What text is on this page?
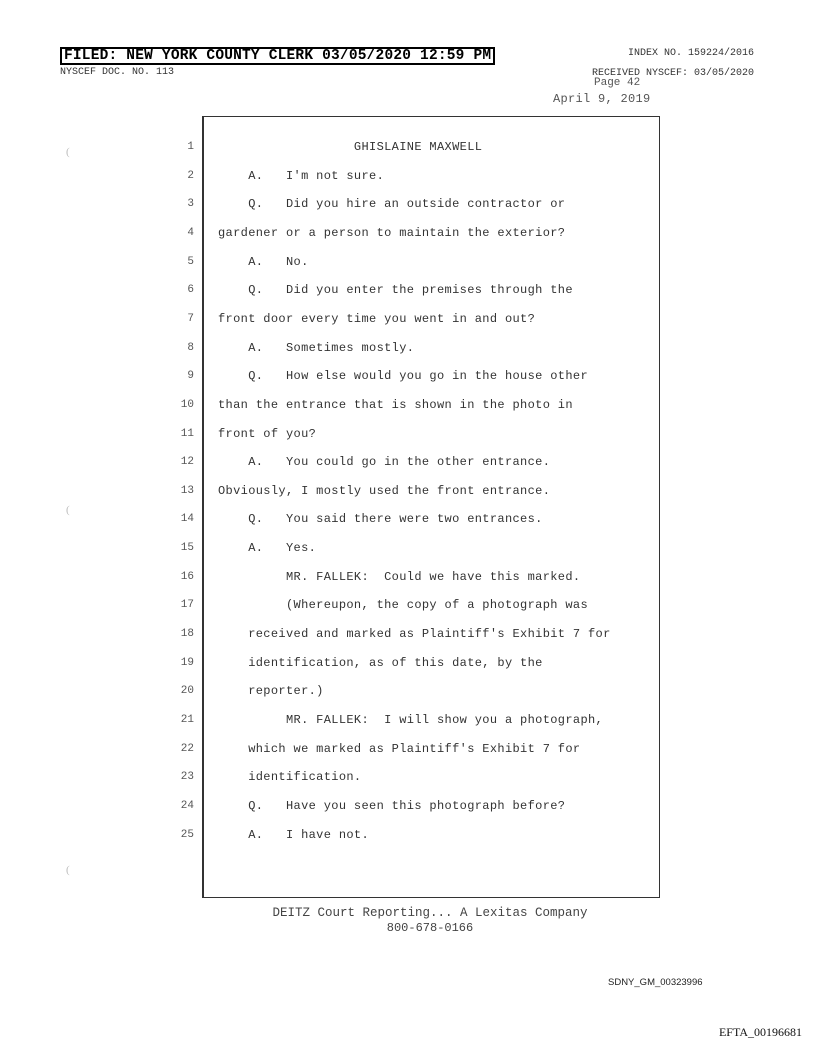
FILED: NEW YORK COUNTY CLERK 03/05/2020 12:59 PM
NYSCEF DOC. NO. 113
INDEX NO. 159224/2016
RECEIVED NYSCEF: 03/05/2020
Page 42
April 9, 2019
1 GHISLAINE MAXWELL
2 A.   I'm not sure.
3 Q.   Did you hire an outside contractor or
4 gardener or a person to maintain the exterior?
5 A.   No.
6 Q.   Did you enter the premises through the
7 front door every time you went in and out?
8 A.   Sometimes mostly.
9 Q.   How else would you go in the house other
10 than the entrance that is shown in the photo in
11 front of you?
12 A.   You could go in the other entrance.
13 Obviously, I mostly used the front entrance.
14 Q.   You said there were two entrances.
15 A.   Yes.
16 MR. FALLEK:  Could we have this marked.
17 (Whereupon, the copy of a photograph was
18 received and marked as Plaintiff's Exhibit 7 for
19 identification, as of this date, by the
20 reporter.)
21 MR. FALLEK:  I will show you a photograph,
22 which we marked as Plaintiff's Exhibit 7 for
23 identification.
24 Q.   Have you seen this photograph before?
25 A.   I have not.
(
(
(
DEITZ Court Reporting... A Lexitas Company
800-678-0166
SDNY_GM_00323996
EFTA_00196681
